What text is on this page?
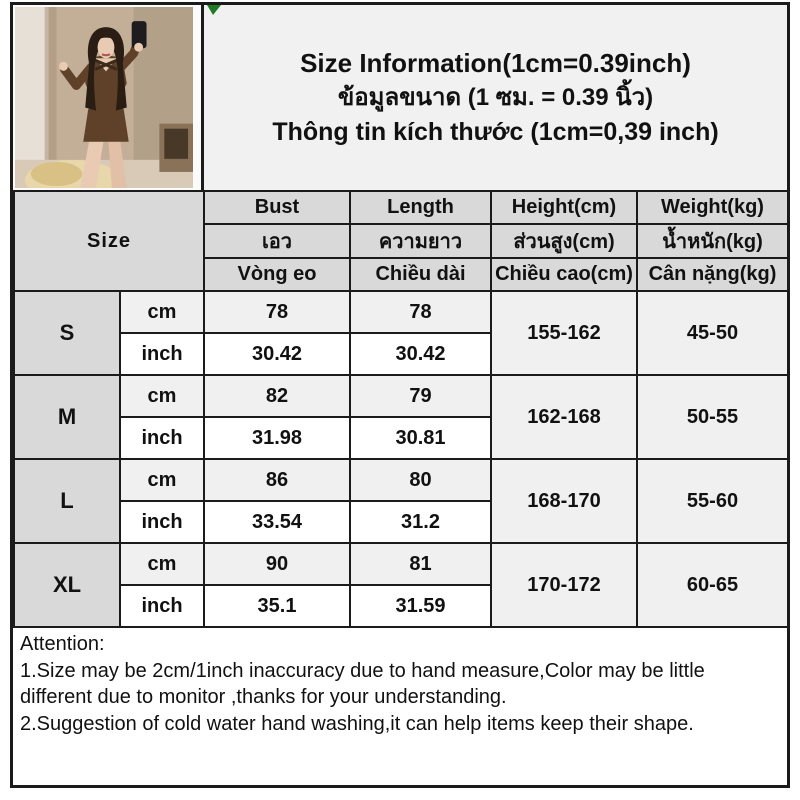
Size Information(1cm=0.39inch)
ข้อมูลขนาด (1 ซม. = 0.39 นิ้ว)
Thông tin kích thước (1cm=0,39 inch)
Size		Bust	Length	Height(cm)	Weight(kg)
		เอว	ความยาว	ส่วนสูง(cm)	น้ำหนัก(kg)
		Vòng eo	Chiều dài	Chiều cao(cm)	Cân nặng(kg)
S	cm	78	78	155-162	45-50
	inch	30.42	30.42		
M	cm	82	79	162-168	50-55
	inch	31.98	30.81		
L	cm	86	80	168-170	55-60
	inch	33.54	31.2		
XL	cm	90	81	170-172	60-65
	inch	35.1	31.59		
Attention:
1.Size may be 2cm/1inch inaccuracy due to hand measure,Color may be little different due to monitor ,thanks for your understanding.
2.Suggestion of cold water hand washing,it can help items keep their shape.
